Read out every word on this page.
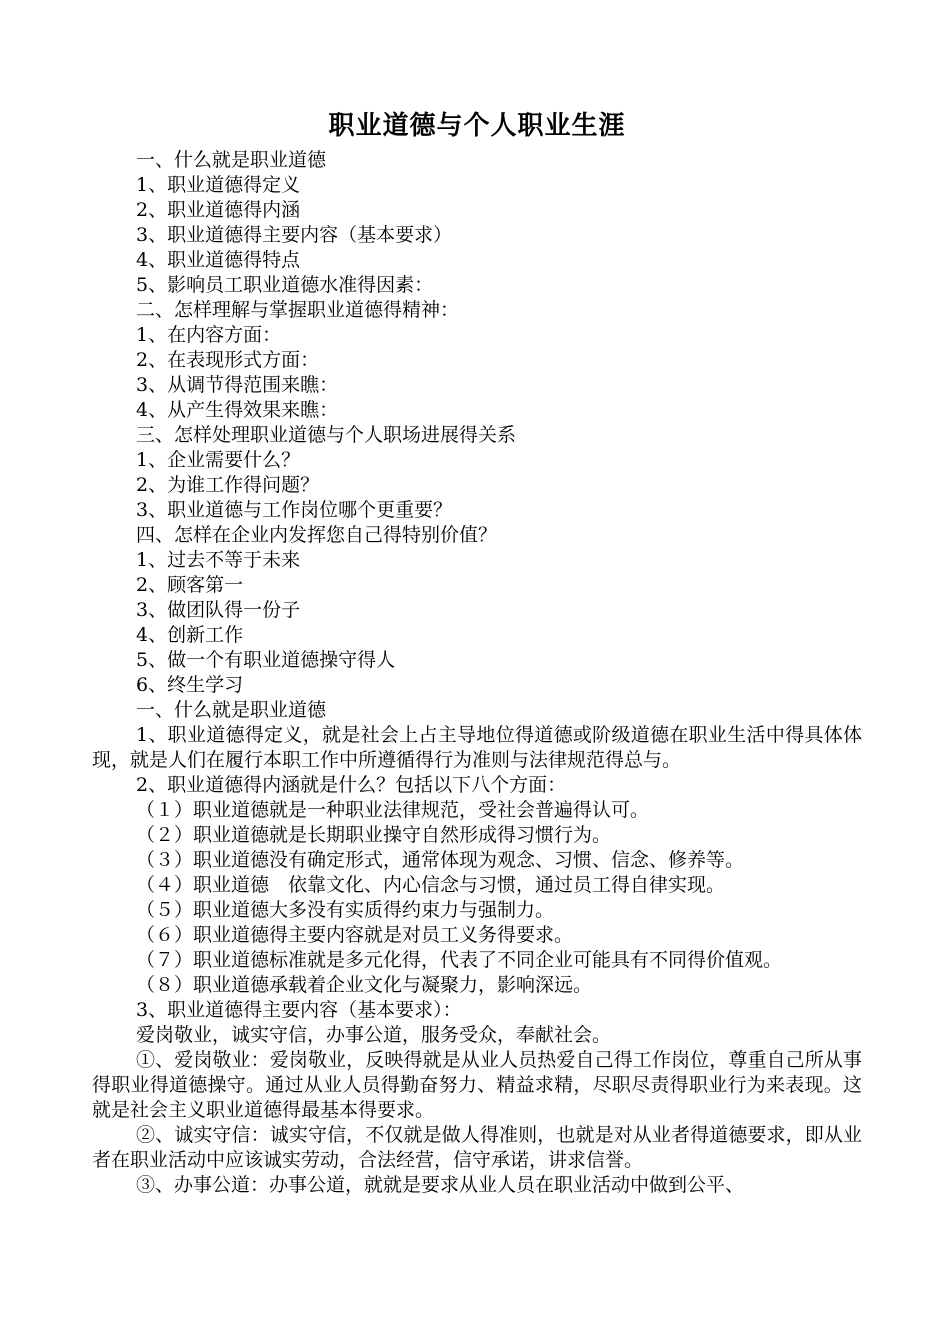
职业道德与个人职业生涯

一、什么就是职业道德

1、职业道德得定义

2、职业道德得内涵

3、职业道德得主要内容（基本要求）

4、职业道德得特点

5、影响员工职业道德水准得因素：

二、怎样理解与掌握职业道德得精神：

1、在内容方面：

2、在表现形式方面：

3、从调节得范围来瞧：

4、从产生得效果来瞧：

三、怎样处理职业道德与个人职场进展得关系

1、企业需要什么？

2、为谁工作得问题？

3、职业道德与工作岗位哪个更重要？

四、怎样在企业内发挥您自己得特别价值？

1、过去不等于未来

2、顾客第一

3、做团队得一份子

4、创新工作

5、做一个有职业道德操守得人

6、终生学习

一、什么就是职业道德

1、职业道德得定义，就是社会上占主导地位得道德或阶级道德在职业生活中得具体体现，就是人们在履行本职工作中所遵循得行为准则与法律规范得总与。

2、职业道德得内涵就是什么？包括以下八个方面：

（１）职业道德就是一种职业法律规范，受社会普遍得认可。

（２）职业道德就是长期职业操守自然形成得习惯行为。

（３）职业道德没有确定形式，通常体现为观念、习惯、信念、修养等。

（４）职业道德　依靠文化、内心信念与习惯，通过员工得自律实现。

（５）职业道德大多没有实质得约束力与强制力。

（６）职业道德得主要内容就是对员工义务得要求。

（７）职业道德标准就是多元化得，代表了不同企业可能具有不同得价值观。

（８）职业道德承载着企业文化与凝聚力，影响深远。

3、职业道德得主要内容（基本要求）：

爱岗敬业，诚实守信，办事公道，服务受众，奉献社会。

①、爱岗敬业：爱岗敬业，反映得就是从业人员热爱自己得工作岗位，尊重自己所从事得职业得道德操守。通过从业人员得勤奋努力、精益求精，尽职尽责得职业行为来表现。这就是社会主义职业道德得最基本得要求。

②、诚实守信：诚实守信，不仅就是做人得准则，也就是对从业者得道德要求，即从业者在职业活动中应该诚实劳动，合法经营，信守承诺，讲求信誉。

③、办事公道：办事公道，就就是要求从业人员在职业活动中做到公平、
